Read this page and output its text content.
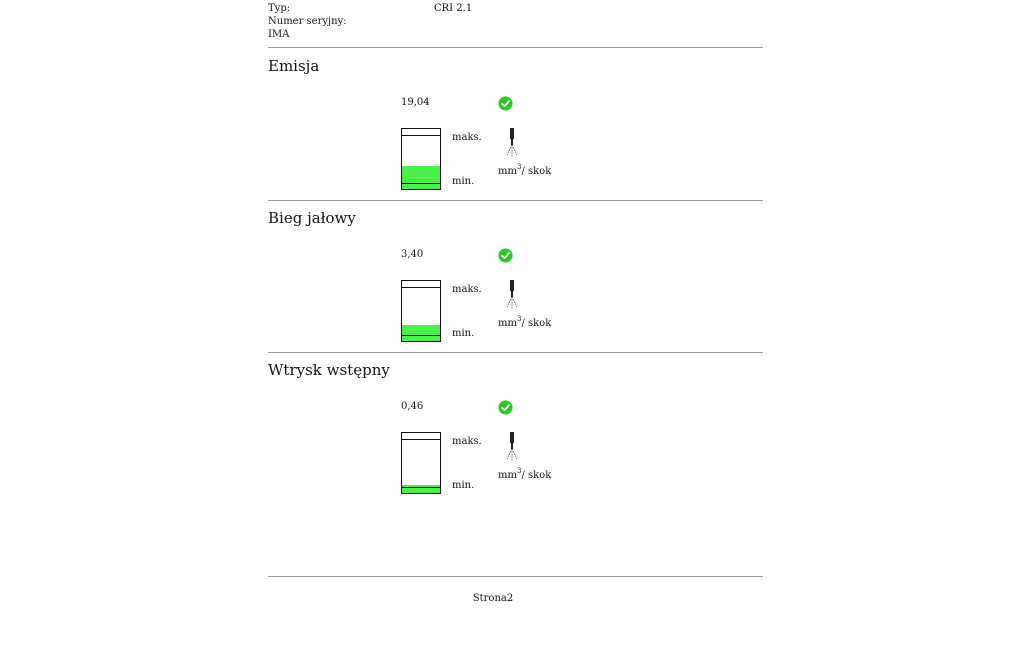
Typ:	CRI 2.1
Numer seryjny:
IMA
Emisja
19,04
maks.
min.
$mm^3/$ skok
Bieg jałowy
3,40
maks.
min.
$mm^3/$ skok
Wtrysk wstępny
0,46
maks.
min.
$mm^3/$ skok
Strona2
